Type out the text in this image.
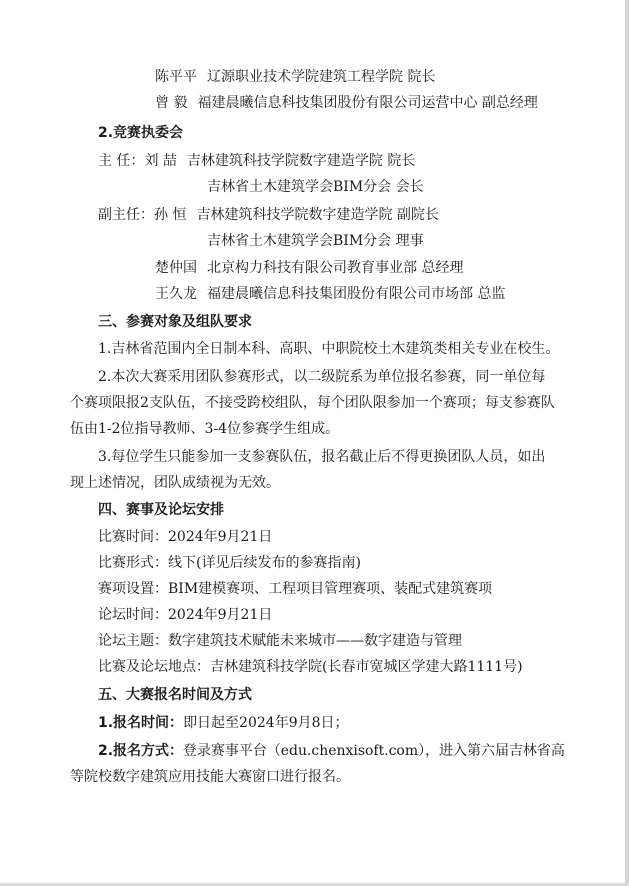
陈平平 辽源职业技术学院建筑工程学院 院长
曾 毅 福建晨曦信息科技集团股份有限公司运营中心 副总经理
2.竞赛执委会
主 任：刘 喆 吉林建筑科技学院数字建造学院 院长
吉林省土木建筑学会BIM分会 会长
副主任：孙 恒 吉林建筑科技学院数字建造学院 副院长
吉林省土木建筑学会BIM分会 理事
楚仲国 北京构力科技有限公司教育事业部 总经理
王久龙 福建晨曦信息科技集团股份有限公司市场部 总监
三、参赛对象及组队要求
1.吉林省范围内全日制本科、高职、中职院校土木建筑类相关专业在校生。
2.本次大赛采用团队参赛形式，以二级院系为单位报名参赛，同一单位每
个赛项限报2支队伍，不接受跨校组队，每个团队限参加一个赛项；每支参赛队
伍由1-2位指导教师、3-4位参赛学生组成。
3.每位学生只能参加一支参赛队伍，报名截止后不得更换团队人员，如出
现上述情况，团队成绩视为无效。
四、赛事及论坛安排
比赛时间：2024年9月21日
比赛形式：线下(详见后续发布的参赛指南)
赛项设置：BIM建模赛项、工程项目管理赛项、装配式建筑赛项
论坛时间：2024年9月21日
论坛主题：数字建筑技术赋能未来城市——数字建造与管理
比赛及论坛地点：吉林建筑科技学院(长春市宽城区学建大路1111号)
五、大赛报名时间及方式
1.报名时间：即日起至2024年9月8日；
2.报名方式：登录赛事平台（edu.chenxisoft.com），进入第六届吉林省高
等院校数字建筑应用技能大赛窗口进行报名。
